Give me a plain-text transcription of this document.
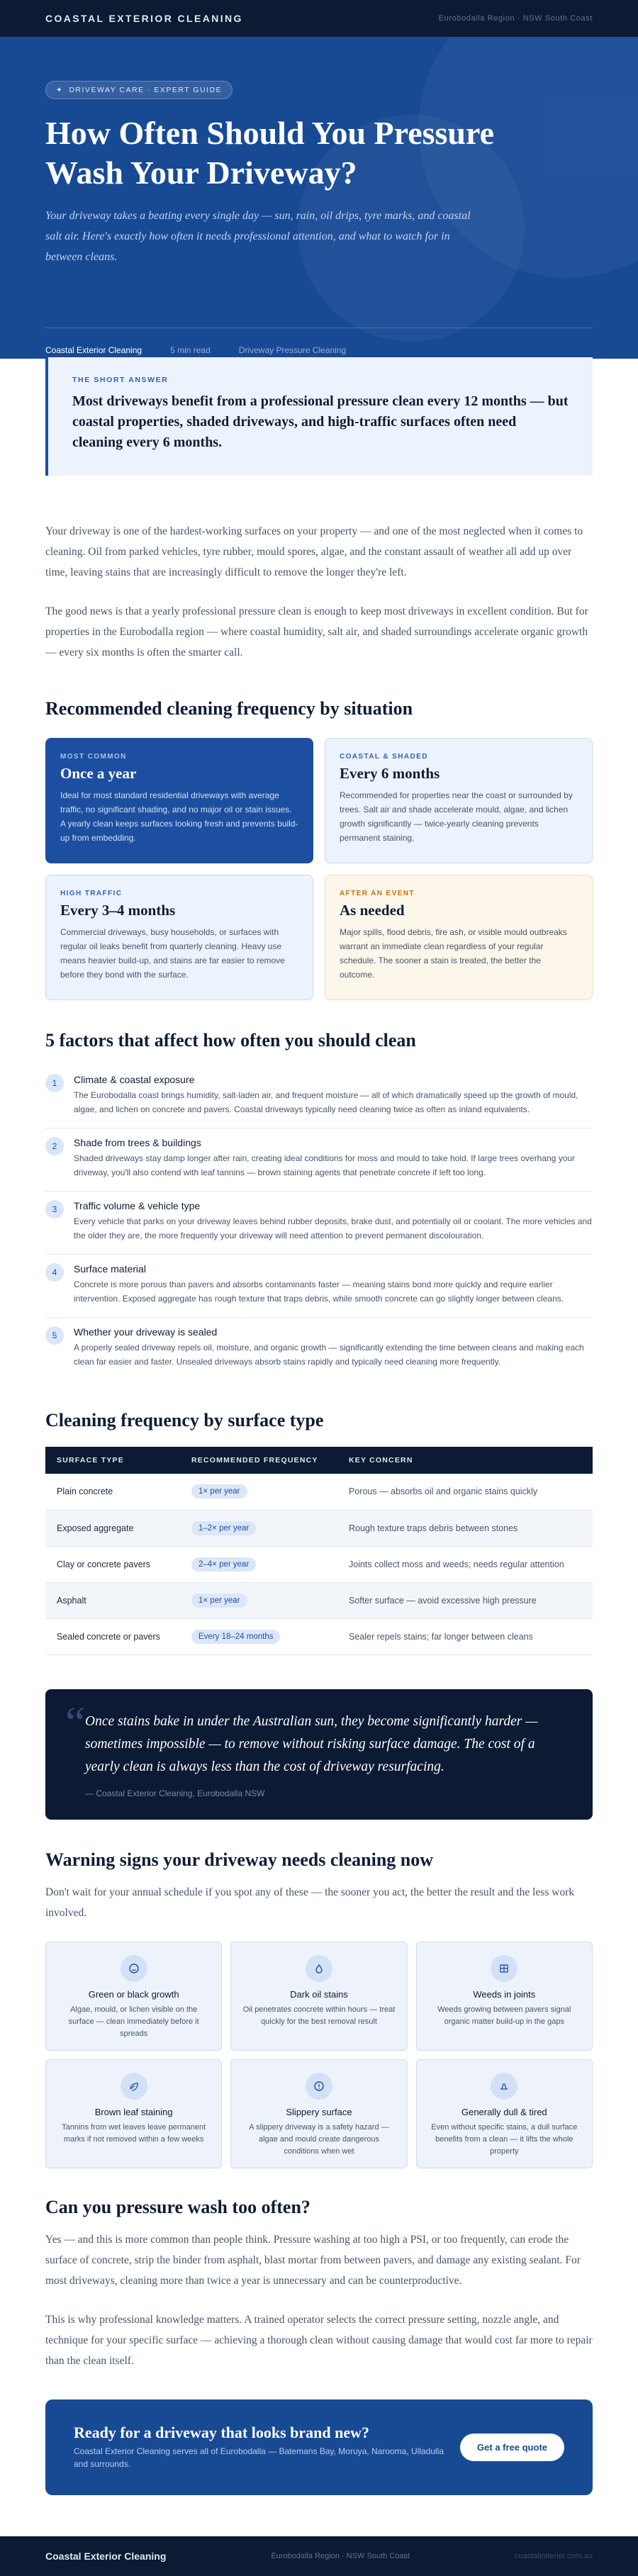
COASTAL EXTERIOR CLEANING	Eurobodalla Region · NSW South Coast
✦ DRIVEWAY CARE · EXPERT GUIDE
How Often Should You Pressure Wash Your Driveway?

Your driveway takes a beating every single day — sun, rain, oil drips, tyre marks, and coastal salt air. Here's exactly how often it needs professional attention, and what to watch for in between cleans.

Coastal Exterior Cleaning	5 min read	Driveway Pressure Cleaning
THE SHORT ANSWER
Most driveways benefit from a professional pressure clean every 12 months — but coastal properties, shaded driveways, and high-traffic surfaces often need cleaning every 6 months.

Your driveway is one of the hardest-working surfaces on your property — and one of the most neglected when it comes to cleaning. Oil from parked vehicles, tyre rubber, mould spores, algae, and the constant assault of weather all add up over time, leaving stains that are increasingly difficult to remove the longer they're left.

The good news is that a yearly professional pressure clean is enough to keep most driveways in excellent condition. But for properties in the Eurobodalla region — where coastal humidity, salt air, and shaded surroundings accelerate organic growth — every six months is often the smarter call.

Recommended cleaning frequency by situation
MOST COMMON
Once a year
Ideal for most standard residential driveways with average traffic, no significant shading, and no major oil or stain issues. A yearly clean keeps surfaces looking fresh and prevents build-up from embedding.
COASTAL & SHADED
Every 6 months
Recommended for properties near the coast or surrounded by trees. Salt air and shade accelerate mould, algae, and lichen growth significantly — twice-yearly cleaning prevents permanent staining.
HIGH TRAFFIC
Every 3–4 months
Commercial driveways, busy households, or surfaces with regular oil leaks benefit from quarterly cleaning. Heavy use means heavier build-up, and stains are far easier to remove before they bond with the surface.
AFTER AN EVENT
As needed
Major spills, flood debris, fire ash, or visible mould outbreaks warrant an immediate clean regardless of your regular schedule. The sooner a stain is treated, the better the outcome.
5 factors that affect how often you should clean
1	Climate & coastal exposure
The Eurobodalla coast brings humidity, salt-laden air, and frequent moisture — all of which dramatically speed up the growth of mould, algae, and lichen on concrete and pavers. Coastal driveways typically need cleaning twice as often as inland equivalents.
2	Shade from trees & buildings
Shaded driveways stay damp longer after rain, creating ideal conditions for moss and mould to take hold. If large trees overhang your driveway, you'll also contend with leaf tannins — brown staining agents that penetrate concrete if left too long.
3	Traffic volume & vehicle type
Every vehicle that parks on your driveway leaves behind rubber deposits, brake dust, and potentially oil or coolant. The more vehicles and the older they are, the more frequently your driveway will need attention to prevent permanent discolouration.
4	Surface material
Concrete is more porous than pavers and absorbs contaminants faster — meaning stains bond more quickly and require earlier intervention. Exposed aggregate has rough texture that traps debris, while smooth concrete can go slightly longer between cleans.
5	Whether your driveway is sealed
A properly sealed driveway repels oil, moisture, and organic growth — significantly extending the time between cleans and making each clean far easier and faster. Unsealed driveways absorb stains rapidly and typically need cleaning more frequently.
Cleaning frequency by surface type
SURFACE TYPE	RECOMMENDED FREQUENCY	KEY CONCERN
Plain concrete	1× per year	Porous — absorbs oil and organic stains quickly
Exposed aggregate	1–2× per year	Rough texture traps debris between stones
Clay or concrete pavers	2–4× per year	Joints collect moss and weeds; needs regular attention
Asphalt	1× per year	Softer surface — avoid excessive high pressure
Sealed concrete or pavers	Every 18–24 months	Sealer repels stains; far longer between cleans
“ Once stains bake in under the Australian sun, they become significantly harder — sometimes impossible — to remove without risking surface damage. The cost of a yearly clean is always less than the cost of driveway resurfacing.
— Coastal Exterior Cleaning, Eurobodalla NSW
Warning signs your driveway needs cleaning now

Don't wait for your annual schedule if you spot any of these — the sooner you act, the better the result and the less work involved.

Green or black growth
Algae, mould, or lichen visible on the surface — clean immediately before it spreads
Dark oil stains
Oil penetrates concrete within hours — treat quickly for the best removal result
Weeds in joints
Weeds growing between pavers signal organic matter build-up in the gaps
Brown leaf staining
Tannins from wet leaves leave permanent marks if not removed within a few weeks
Slippery surface
A slippery driveway is a safety hazard — algae and mould create dangerous conditions when wet
Generally dull & tired
Even without specific stains, a dull surface benefits from a clean — it lifts the whole property
Can you pressure wash too often?

Yes — and this is more common than people think. Pressure washing at too high a PSI, or too frequently, can erode the surface of concrete, strip the binder from asphalt, blast mortar from between pavers, and damage any existing sealant. For most driveways, cleaning more than twice a year is unnecessary and can be counterproductive.

This is why professional knowledge matters. A trained operator selects the correct pressure setting, nozzle angle, and technique for your specific surface — achieving a thorough clean without causing damage that would cost far more to repair than the clean itself.

Ready for a driveway that looks brand new?
Coastal Exterior Cleaning serves all of Eurobodalla — Batemans Bay, Moruya, Narooma, Ulladulla and surrounds.
Get a free quote
Coastal Exterior Cleaning	Eurobodalla Region · NSW South Coast	coastalexterior.com.au
